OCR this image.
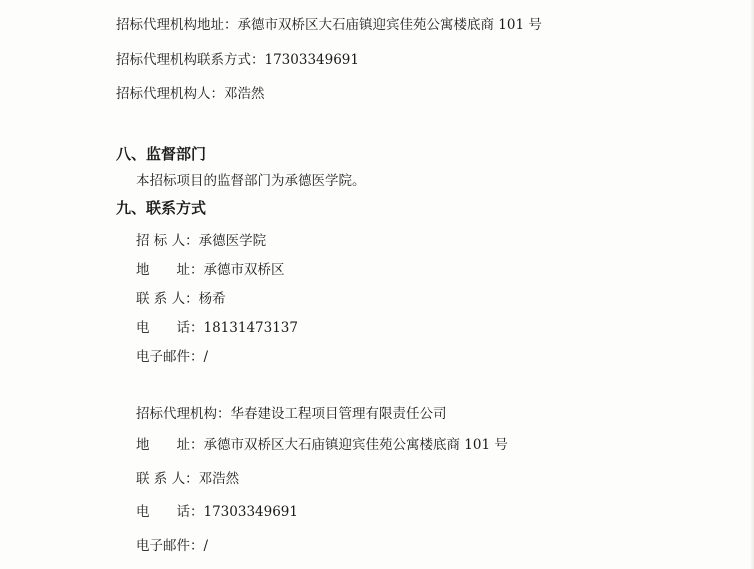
招标代理机构地址：承德市双桥区大石庙镇迎宾佳苑公寓楼底商 101 号
招标代理机构联系方式：17303349691
招标代理机构人：邓浩然
八、监督部门
本招标项目的监督部门为承德医学院。
九、联系方式
招 标 人：承德医学院
地　　址：承德市双桥区
联 系 人：杨希
电　　话：18131473137
电子邮件：/
招标代理机构：华春建设工程项目管理有限责任公司
地　　址：承德市双桥区大石庙镇迎宾佳苑公寓楼底商 101 号
联 系 人：邓浩然
电　　话：17303349691
电子邮件：/
